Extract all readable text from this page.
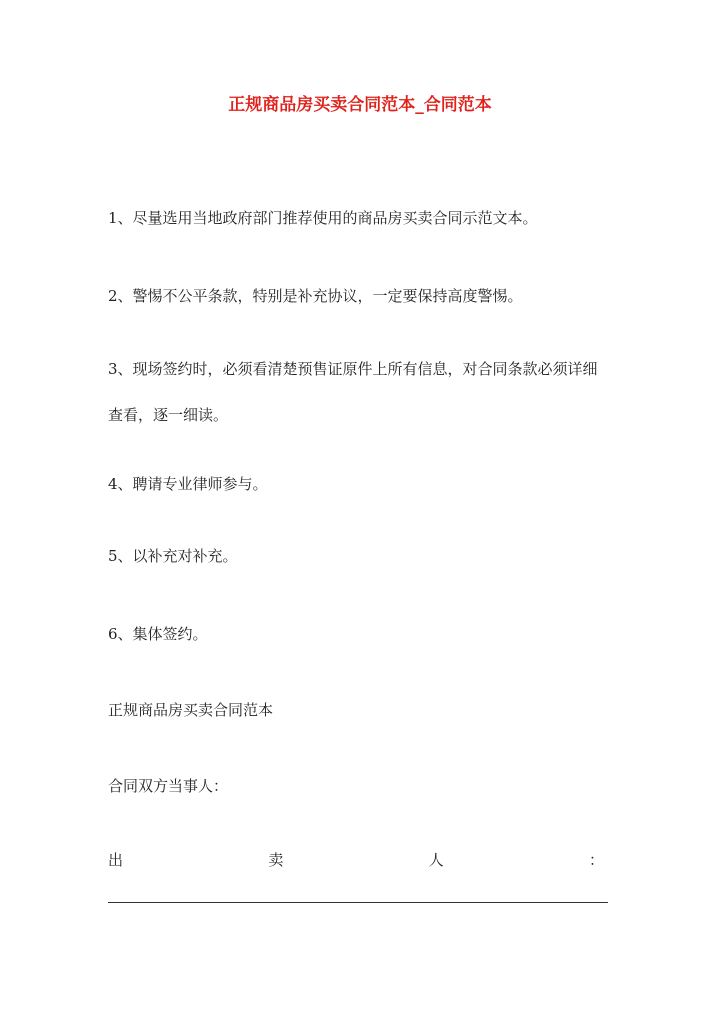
正规商品房买卖合同范本_合同范本
1、尽量选用当地政府部门推荐使用的商品房买卖合同示范文本。
2、警惕不公平条款，特别是补充协议，一定要保持高度警惕。
3、现场签约时，必须看清楚预售证原件上所有信息，对合同条款必须详细查看，逐一细读。
4、聘请专业律师参与。
5、以补充对补充。
6、集体签约。
正规商品房买卖合同范本
合同双方当事人：
出	卖	人	：
